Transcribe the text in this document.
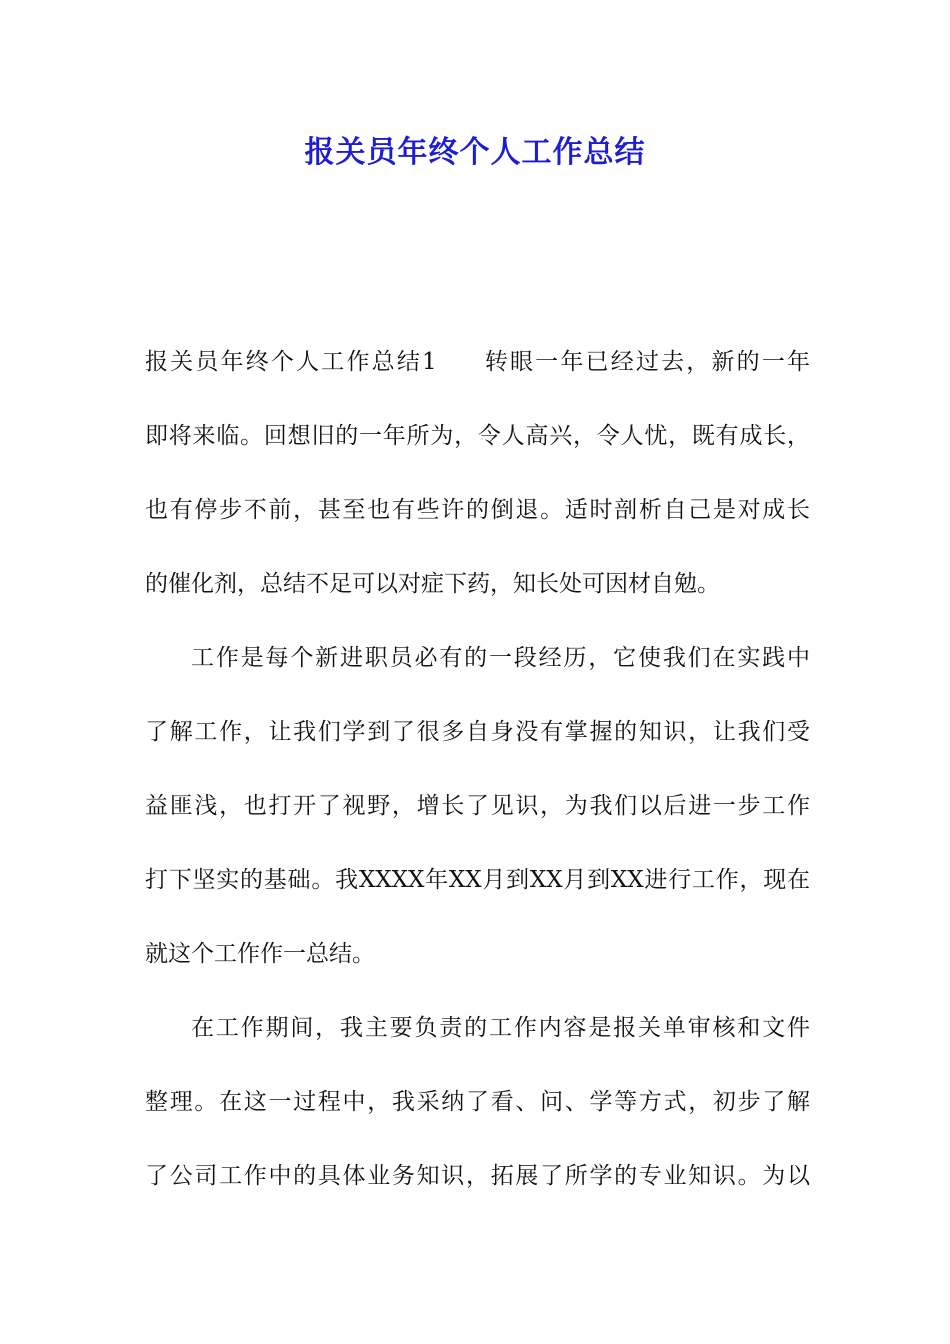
报关员年终个人工作总结
报关员年终个人工作总结1 转眼一年已经过去，新的一年
即将来临。回想旧的一年所为，令人高兴，令人忧，既有成长，
也有停步不前，甚至也有些许的倒退。适时剖析自己是对成长
的催化剂，总结不足可以对症下药，知长处可因材自勉。
工作是每个新进职员必有的一段经历，它使我们在实践中
了解工作，让我们学到了很多自身没有掌握的知识，让我们受
益匪浅，也打开了视野，增长了见识，为我们以后进一步工作
打下坚实的基础。我XXXX年XX月到XX月到XX进行工作，现在
就这个工作作一总结。
在工作期间，我主要负责的工作内容是报关单审核和文件
整理。在这一过程中，我采纳了看、问、学等方式，初步了解
了公司工作中的具体业务知识，拓展了所学的专业知识。为以
